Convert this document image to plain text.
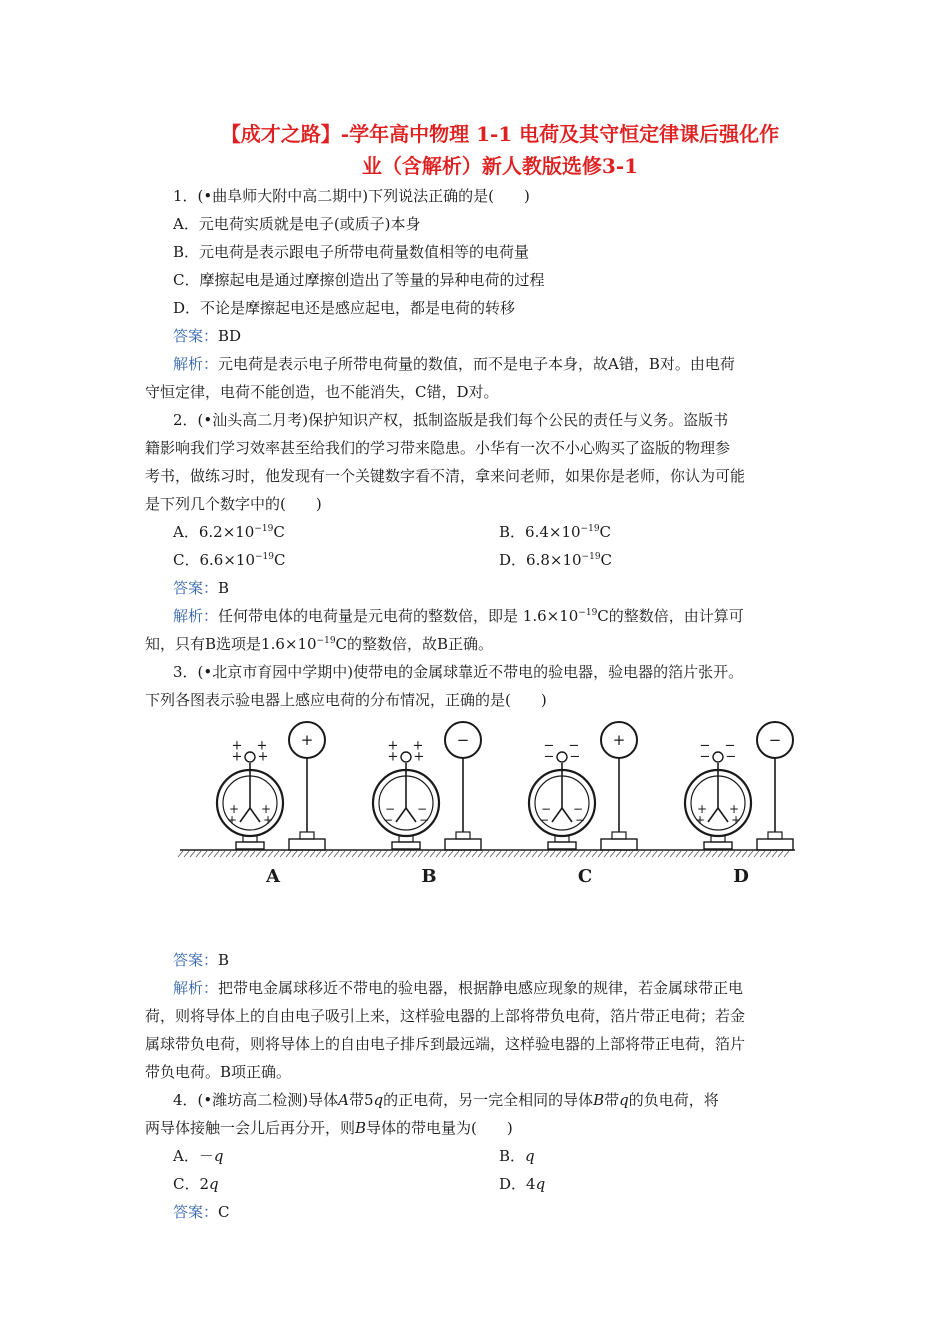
【成才之路】-学年高中物理 1-1 电荷及其守恒定律课后强化作
业（含解析）新人教版选修3-1
1．(•曲阜师大附中高二期中)下列说法正确的是(　　)
A．元电荷实质就是电子(或质子)本身
B．元电荷是表示跟电子所带电荷量数值相等的电荷量
C．摩擦起电是通过摩擦创造出了等量的异种电荷的过程
D．不论是摩擦起电还是感应起电，都是电荷的转移
答案：BD
解析：元电荷是表示电子所带电荷量的数值，而不是电子本身，故A错，B对。由电荷
守恒定律，电荷不能创造，也不能消失，C错，D对。
2．(•汕头高二月考)保护知识产权，抵制盗版是我们每个公民的责任与义务。盗版书
籍影响我们学习效率甚至给我们的学习带来隐患。小华有一次不小心购买了盗版的物理参
考书，做练习时，他发现有一个关键数字看不清，拿来问老师，如果你是老师，你认为可能
是下列几个数字中的(　　)
A．$6.2\times 10^{-19}C$	B．$6.4\times 10^{-19}C$
C．$6.6\times 10^{-19}C$	D．$6.8\times 10^{-19}C$
答案：B
解析：任何带电体的电荷量是元电荷的整数倍，即是 $1.6\times 10^{-19}C$的整数倍，由计算可
知，只有B选项是$1.6\times 10^{-19}C$的整数倍，故B正确。
3．(•北京市育园中学期中)使带电的金属球靠近不带电的验电器，验电器的箔片张开。
下列各图表示验电器上感应电荷的分布情况，正确的是(　　)
+ +
+ +
+ +
+ +
+
A
+ +
+ +
− −
− −
−
B
− −
− −
− −
− −
+
C
− −
− −
+ +
+ +
−
D
答案：B
解析：把带电金属球移近不带电的验电器，根据静电感应现象的规律，若金属球带正电
荷，则将导体上的自由电子吸引上来，这样验电器的上部将带负电荷，箔片带正电荷；若金
属球带负电荷，则将导体上的自由电子排斥到最远端，这样验电器的上部将带正电荷，箔片
带负电荷。B项正确。
4．(•潍坊高二检测)导体A带5q的正电荷，另一完全相同的导体B带q的负电荷，将
两导体接触一会儿后再分开，则B导体的带电量为(　　)
A．－q	B．q
C．2q	D．4q
答案：C
